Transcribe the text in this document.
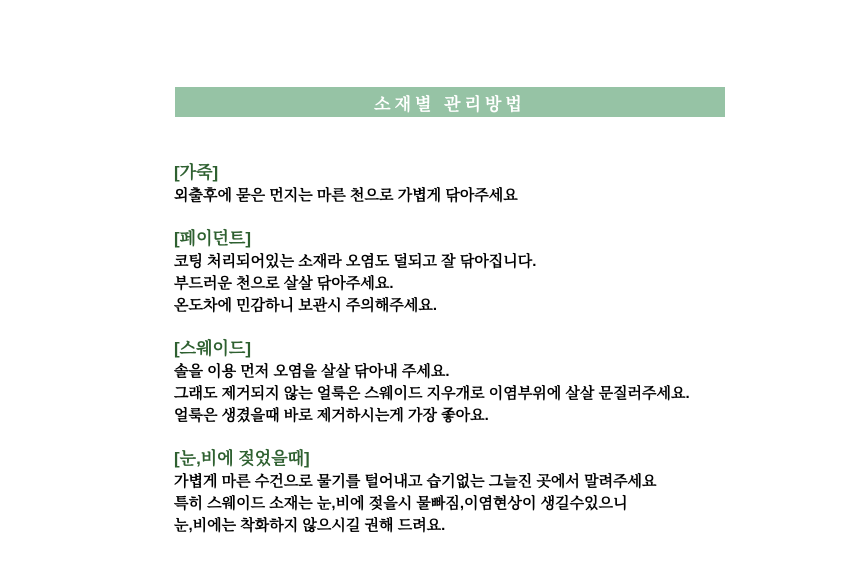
소재별 관리방법
[가죽]

외출후에 묻은 먼지는 마른 천으로 가볍게 닦아주세요

[페이던트]

코팅 처리되어있는 소재라 오염도 덜되고 잘 닦아집니다.

부드러운 천으로 살살 닦아주세요.

온도차에 민감하니 보관시 주의해주세요.

[스웨이드]

솔을 이용 먼저 오염을 살살 닦아내 주세요.

그래도 제거되지 않는 얼룩은 스웨이드 지우개로 이염부위에 살살 문질러주세요.

얼룩은 생겼을때 바로 제거하시는게 가장 좋아요.

[눈,비에 젖었을때]

가볍게 마른 수건으로 물기를 털어내고 습기없는 그늘진 곳에서 말려주세요

특히 스웨이드 소재는 눈,비에 젖을시 물빠짐,이염현상이 생길수있으니

눈,비에는 착화하지 않으시길 권해 드려요.
